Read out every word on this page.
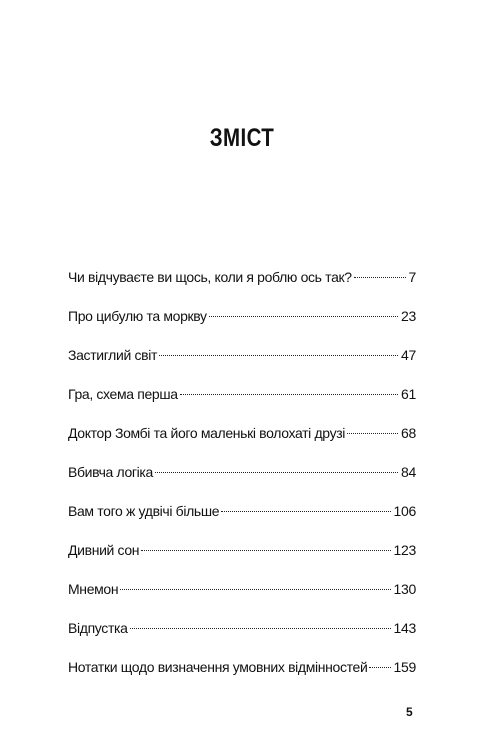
ЗМІСТ
Чи відчуваєте ви щось, коли я роблю ось так?	7
Про цибулю та моркву	23
Застиглий світ	47
Гра, схема перша	61
Доктор Зомбі та його маленькі волохаті друзі	68
Вбивча логіка	84
Вам того ж удвічі більше	106
Дивний сон	123
Мнемон	130
Відпустка	143
Нотатки щодо визначення умовних відмінностей 159
5
